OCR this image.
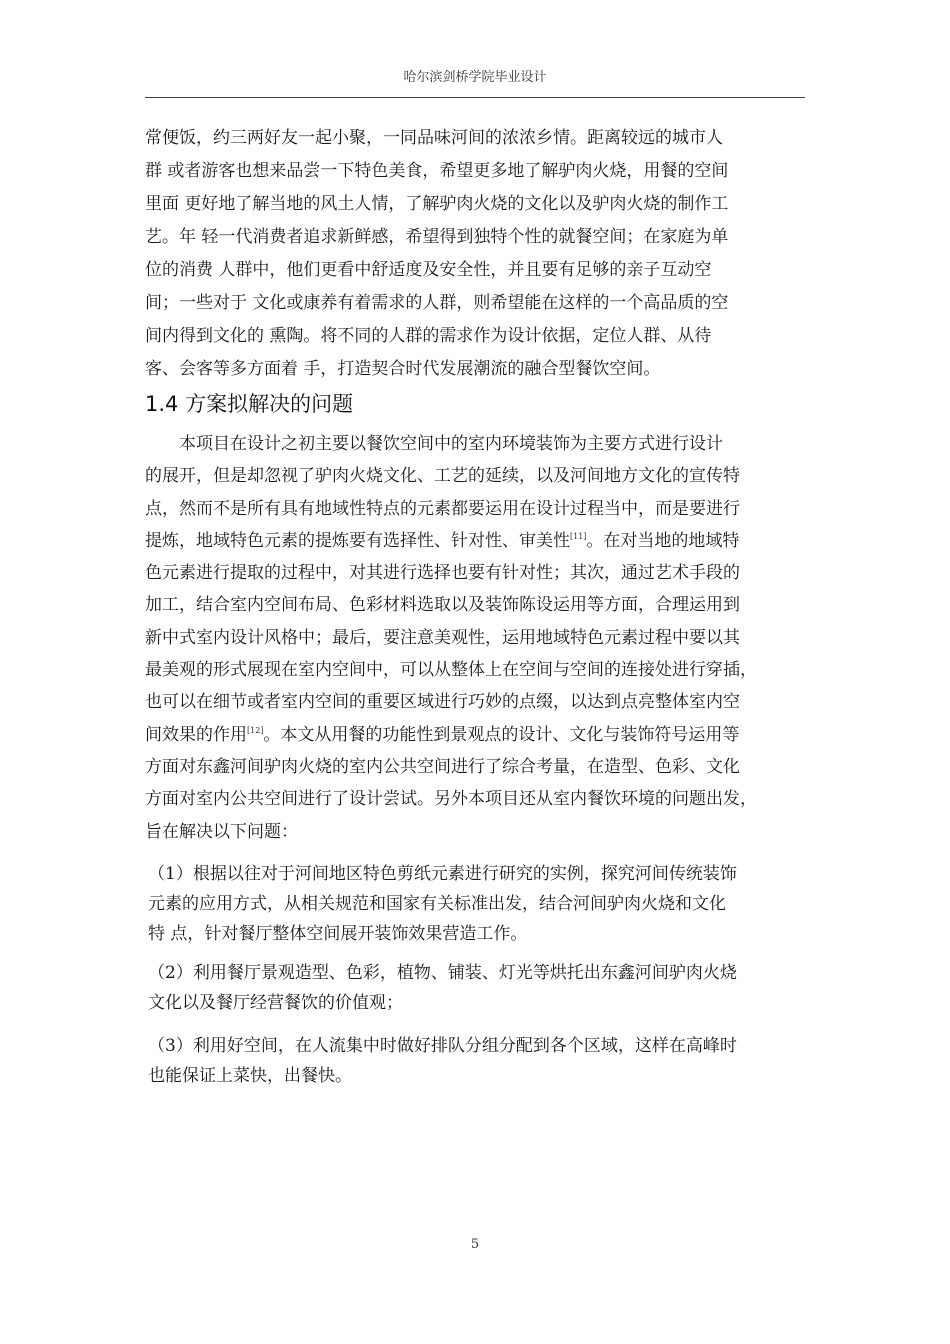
哈尔滨剑桥学院毕业设计
常便饭，约三两好友一起小聚，一同品味河间的浓浓乡情。距离较远的城市人
群 或者游客也想来品尝一下特色美食，希望更多地了解驴肉火烧，用餐的空间
里面 更好地了解当地的风土人情，了解驴肉火烧的文化以及驴肉火烧的制作工
艺。年 轻一代消费者追求新鲜感，希望得到独特个性的就餐空间；在家庭为单
位的消费 人群中，他们更看中舒适度及安全性，并且要有足够的亲子互动空
间；一些对于 文化或康养有着需求的人群，则希望能在这样的一个高品质的空
间内得到文化的 熏陶。将不同的人群的需求作为设计依据，定位人群、从待
客、会客等多方面着 手，打造契合时代发展潮流的融合型餐饮空间。
1.4 方案拟解决的问题
　　本项目在设计之初主要以餐饮空间中的室内环境装饰为主要方式进行设计
的展开，但是却忽视了驴肉火烧文化、工艺的延续，以及河间地方文化的宣传特
点，然而不是所有具有地域性特点的元素都要运用在设计过程当中，而是要进行
提炼，地域特色元素的提炼要有选择性、针对性、审美性[11]。在对当地的地域特
色元素进行提取的过程中，对其进行选择也要有针对性；其次，通过艺术手段的
加工，结合室内空间布局、色彩材料选取以及装饰陈设运用等方面，合理运用到
新中式室内设计风格中；最后，要注意美观性，运用地域特色元素过程中要以其
最美观的形式展现在室内空间中，可以从整体上在空间与空间的连接处进行穿插，
也可以在细节或者室内空间的重要区域进行巧妙的点缀，以达到点亮整体室内空
间效果的作用[12]。本文从用餐的功能性到景观点的设计、文化与装饰符号运用等
方面对东鑫河间驴肉火烧的室内公共空间进行了综合考量，在造型、色彩、文化
方面对室内公共空间进行了设计尝试。另外本项目还从室内餐饮环境的问题出发，
旨在解决以下问题：
（1）根据以往对于河间地区特色剪纸元素进行研究的实例，探究河间传统装饰
元素的应用方式，从相关规范和国家有关标准出发，结合河间驴肉火烧和文化
特 点，针对餐厅整体空间展开装饰效果营造工作。
（2）利用餐厅景观造型、色彩，植物、铺装、灯光等烘托出东鑫河间驴肉火烧
文化以及餐厅经营餐饮的价值观；
（3）利用好空间，在人流集中时做好排队分组分配到各个区域，这样在高峰时
也能保证上菜快，出餐快。
5
